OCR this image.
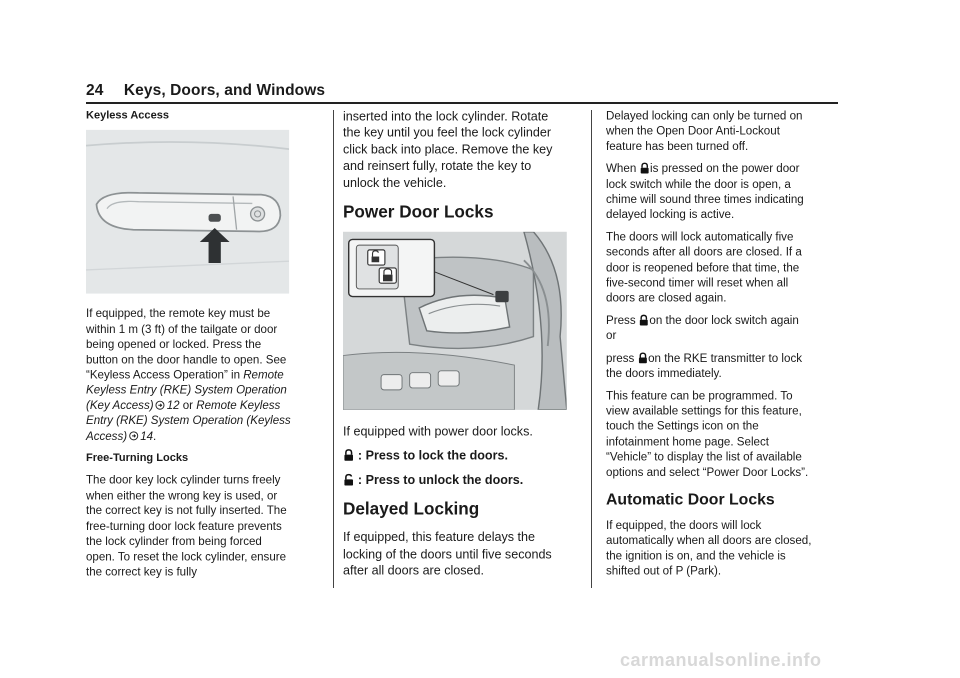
24 Keys, Doors, and Windows
Keyless Access

If equipped, the remote key must be within 1 m (3 ft) of the tailgate or door being opened or locked. Press the button on the door handle to open. See “Keyless Access Operation” in Remote Keyless Entry (RKE) System Operation (Key Access) 12 or Remote Keyless Entry (RKE) System Operation (Keyless Access) 14.

Free-Turning Locks

The door key lock cylinder turns freely when either the wrong key is used, or the correct key is not fully inserted. The free-turning door lock feature prevents the lock cylinder from being forced open. To reset the lock cylinder, ensure the correct key is fully

inserted into the lock cylinder. Rotate the key until you feel the lock cylinder click back into place. Remove the key and reinsert fully, rotate the key to unlock the vehicle.

Power Door Locks

If equipped with power door locks.

: Press to lock the doors.

: Press to unlock the doors.

Delayed Locking

If equipped, this feature delays the locking of the doors until five seconds after all doors are closed.

Delayed locking can only be turned on when the Open Door Anti-Lockout feature has been turned off.

When is pressed on the power door lock switch while the door is open, a chime will sound three times indicating delayed locking is active.

The doors will lock automatically five seconds after all doors are closed. If a door is reopened before that time, the five-second timer will reset when all doors are closed again.

Press on the door lock switch again or

press on the RKE transmitter to lock the doors immediately.

This feature can be programmed. To view available settings for this feature, touch the Settings icon on the infotainment home page. Select “Vehicle” to display the list of available options and select “Power Door Locks”.

Automatic Door Locks

If equipped, the doors will lock automatically when all doors are closed, the ignition is on, and the vehicle is shifted out of P (Park).

carmanualsonline.info
